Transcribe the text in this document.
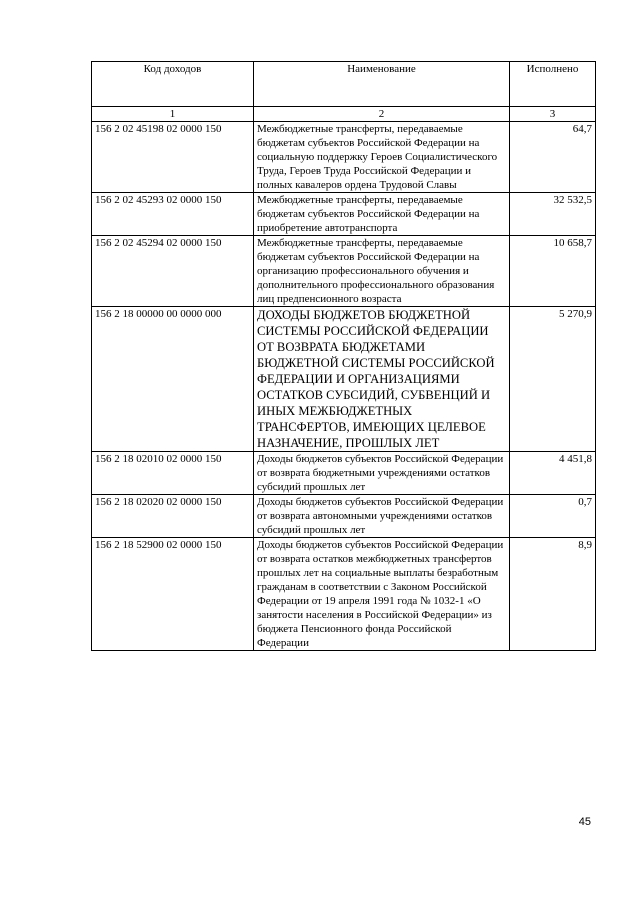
Код доходов	Наименование	Исполнено
1	2	3
156 2 02 45198 02 0000 150	Межбюджетные трансферты, передаваемые бюджетам субъектов Российской Федерации на социальную поддержку Героев Социалистического Труда, Героев Труда Российской Федерации и полных кавалеров ордена Трудовой Славы	64,7
156 2 02 45293 02 0000 150	Межбюджетные трансферты, передаваемые бюджетам субъектов Российской Федерации на приобретение автотранспорта	32 532,5
156 2 02 45294 02 0000 150	Межбюджетные трансферты, передаваемые бюджетам субъектов Российской Федерации на организацию профессионального обучения и дополнительного профессионального образования лиц предпенсионного возраста	10 658,7
156 2 18 00000 00 0000 000	ДОХОДЫ БЮДЖЕТОВ БЮДЖЕТНОЙ СИСТЕМЫ РОССИЙСКОЙ ФЕДЕРАЦИИ ОТ ВОЗВРАТА БЮДЖЕТАМИ БЮДЖЕТНОЙ СИСТЕМЫ РОССИЙСКОЙ ФЕДЕРАЦИИ И ОРГАНИЗАЦИЯМИ ОСТАТКОВ СУБСИДИЙ, СУБВЕНЦИЙ И ИНЫХ МЕЖБЮДЖЕТНЫХ ТРАНСФЕРТОВ, ИМЕЮЩИХ ЦЕЛЕВОЕ НАЗНАЧЕНИЕ, ПРОШЛЫХ ЛЕТ	5 270,9
156 2 18 02010 02 0000 150	Доходы бюджетов субъектов Российской Федерации от возврата бюджетными учреждениями остатков субсидий прошлых лет	4 451,8
156 2 18 02020 02 0000 150	Доходы бюджетов субъектов Российской Федерации от возврата автономными учреждениями остатков субсидий прошлых лет	0,7
156 2 18 52900 02 0000 150	Доходы бюджетов субъектов Российской Федерации от возврата остатков межбюджетных трансфертов прошлых лет на социальные выплаты безработным гражданам в соответствии с Законом Российской Федерации от 19 апреля 1991 года № 1032-1 «О занятости населения в Российской Федерации» из бюджета Пенсионного фонда Российской Федерации	8,9
45
